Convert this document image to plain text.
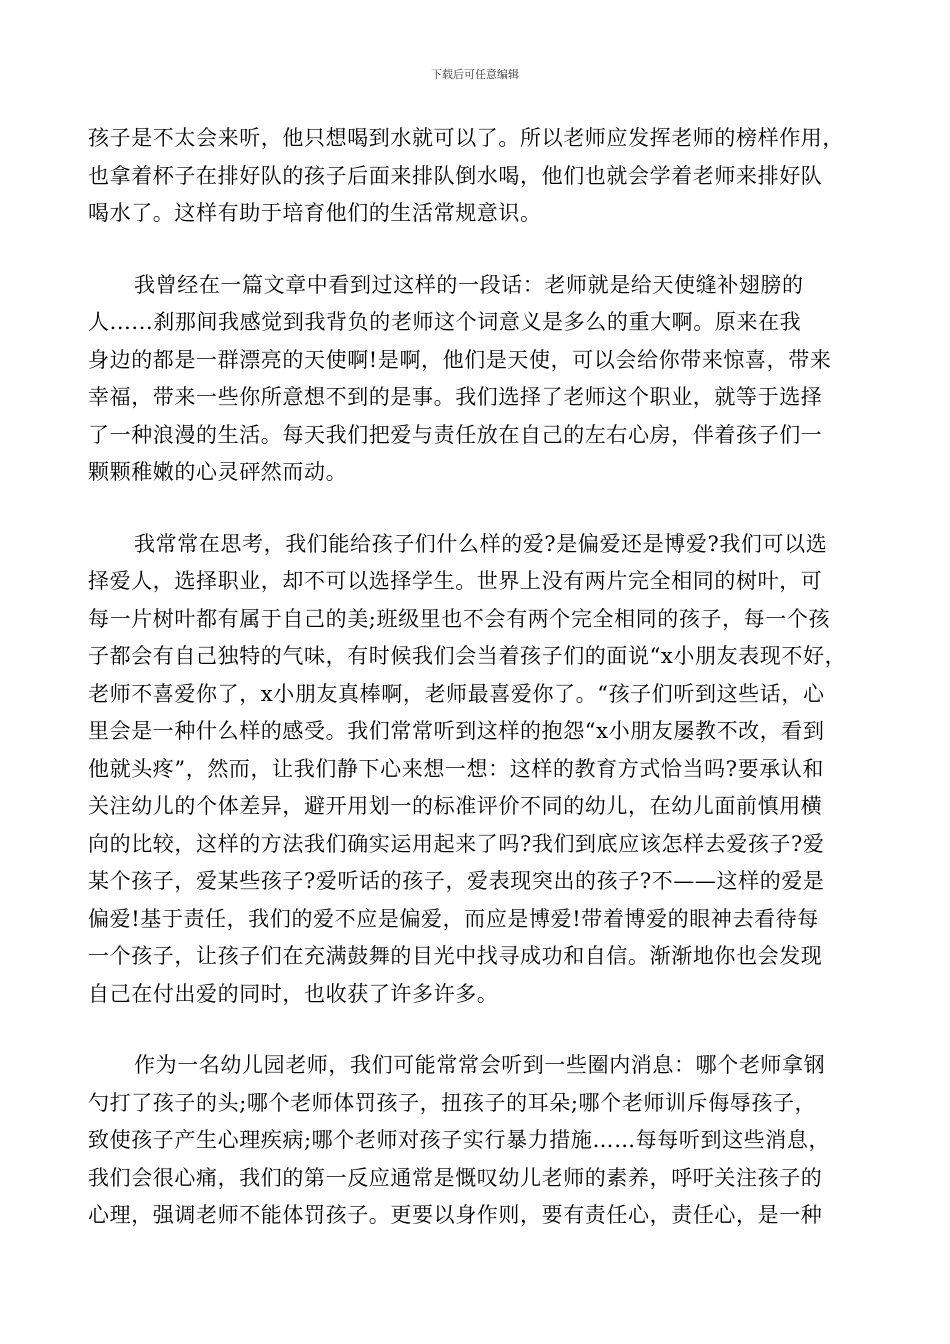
下载后可任意编辑
孩子是不太会来听，他只想喝到水就可以了。所以老师应发挥老师的榜样作用，
也拿着杯子在排好队的孩子后面来排队倒水喝，他们也就会学着老师来排好队
喝水了。这样有助于培育他们的生活常规意识。
我曾经在一篇文章中看到过这样的一段话：老师就是给天使缝补翅膀的
人......刹那间我感觉到我背负的老师这个词意义是多么的重大啊。原来在我
身边的都是一群漂亮的天使啊!是啊，他们是天使，可以会给你带来惊喜，带来
幸福，带来一些你所意想不到的是事。我们选择了老师这个职业，就等于选择
了一种浪漫的生活。每天我们把爱与责任放在自己的左右心房，伴着孩子们一
颗颗稚嫩的心灵砰然而动。
我常常在思考，我们能给孩子们什么样的爱?是偏爱还是博爱?我们可以选
择爱人，选择职业，却不可以选择学生。世界上没有两片完全相同的树叶，可
每一片树叶都有属于自己的美;班级里也不会有两个完全相同的孩子，每一个孩
子都会有自己独特的气味，有时候我们会当着孩子们的面说“x小朋友表现不好，
老师不喜爱你了，x小朋友真棒啊，老师最喜爱你了。“孩子们听到这些话，心
里会是一种什么样的感受。我们常常听到这样的抱怨“x小朋友屡教不改，看到
他就头疼”，然而，让我们静下心来想一想：这样的教育方式恰当吗?要承认和
关注幼儿的个体差异，避开用划一的标准评价不同的幼儿，在幼儿面前慎用横
向的比较，这样的方法我们确实运用起来了吗?我们到底应该怎样去爱孩子?爱
某个孩子，爱某些孩子?爱听话的孩子，爱表现突出的孩子?不——这样的爱是
偏爱!基于责任，我们的爱不应是偏爱，而应是博爱!带着博爱的眼神去看待每
一个孩子，让孩子们在充满鼓舞的目光中找寻成功和自信。渐渐地你也会发现
自己在付出爱的同时，也收获了许多许多。
作为一名幼儿园老师，我们可能常常会听到一些圈内消息：哪个老师拿钢
勺打了孩子的头;哪个老师体罚孩子，扭孩子的耳朵;哪个老师训斥侮辱孩子，
致使孩子产生心理疾病;哪个老师对孩子实行暴力措施……每每听到这些消息，
我们会很心痛，我们的第一反应通常是慨叹幼儿老师的素养，呼吁关注孩子的
心理，强调老师不能体罚孩子。更要以身作则，要有责任心，责任心，是一种
